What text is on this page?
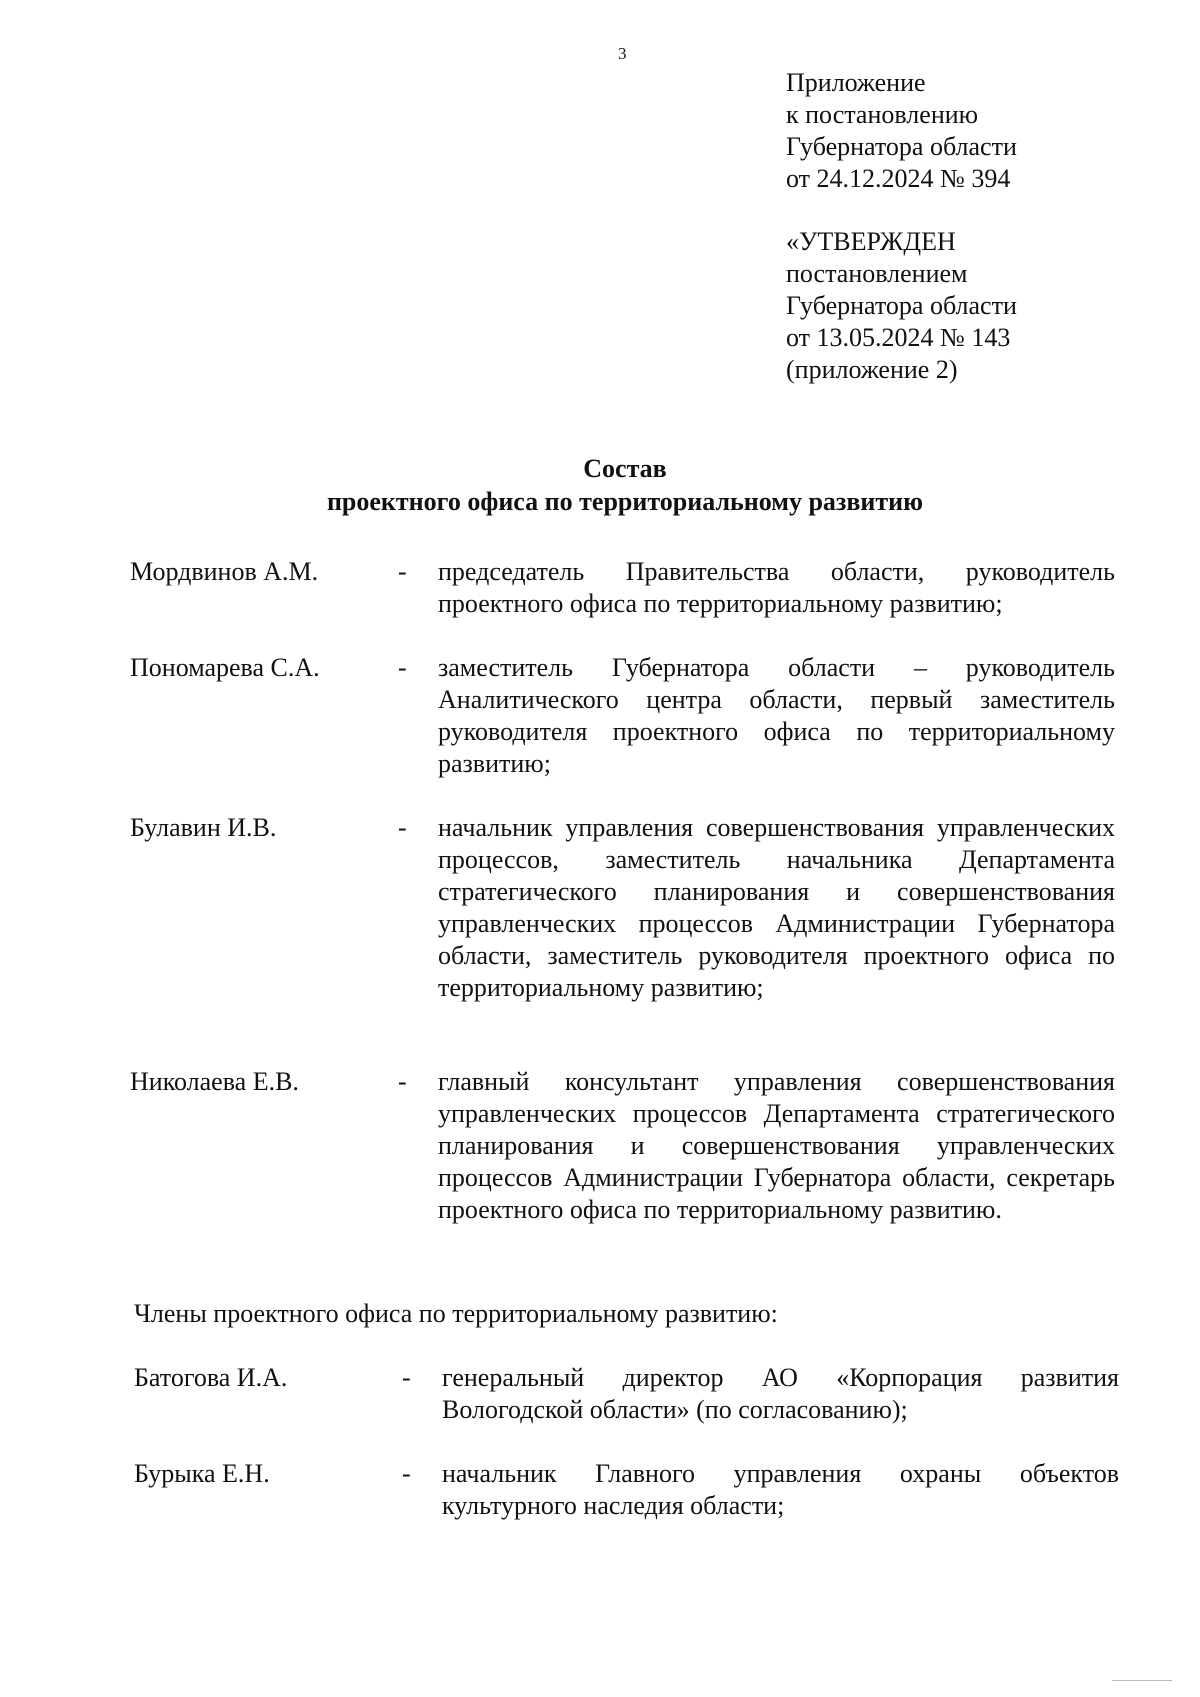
3
Приложение
к постановлению
Губернатора области
от 24.12.2024 № 394
«УТВЕРЖДЕН
постановлением
Губернатора области
от 13.05.2024 № 143
(приложение 2)
Состав
проектного офиса по территориальному развитию
Мордвинов А.М.	- председатель Правительства области, руководитель проектного офиса по территориальному развитию;
Пономарева С.А.	- заместитель Губернатора области – руководитель Аналитического центра области, первый заместитель руководителя проектного офиса по территориальному развитию;
Булавин И.В.	- начальник управления совершенствования управленческих процессов, заместитель начальника Департамента стратегического планирования и совершенствования управленческих процессов Администрации Губернатора области, заместитель руководителя проектного офиса по территориальному развитию;
Николаева Е.В.	- главный консультант управления совершенствования управленческих процессов Департамента стратегического планирования и совершенствования управленческих процессов Администрации Губернатора области, секретарь проектного офиса по территориальному развитию.
Члены проектного офиса по территориальному развитию:
Батогова И.А.	- генеральный директор АО «Корпорация развития Вологодской области» (по согласованию);
Бурыка Е.Н.	- начальник Главного управления охраны объектов культурного наследия области;
